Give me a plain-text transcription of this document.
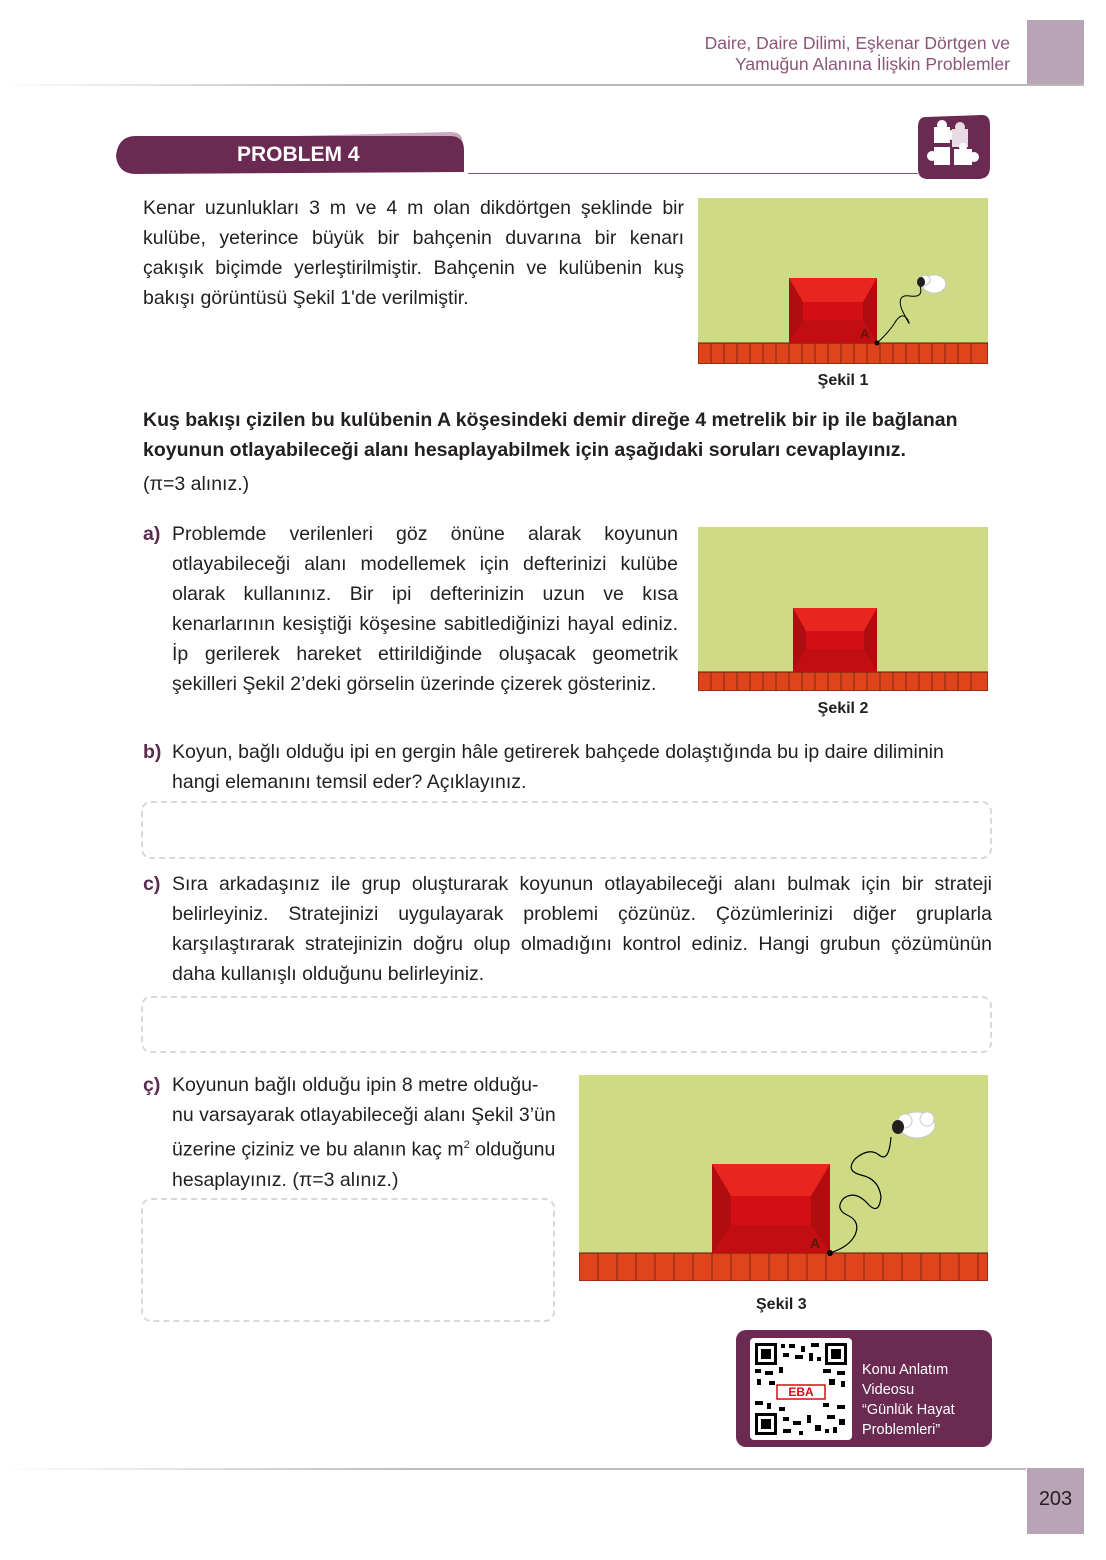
Daire, Daire Dilimi, Eşkenar Dörtgen ve
Yamuğun Alanına İlişkin Problemler
PROBLEM 4
Kenar uzunlukları 3 m ve 4 m olan dikdörtgen şeklinde bir kulübe, yeterince büyük bir bahçenin duvarına bir kenarı çakışık biçimde yerleştirilmiştir. Bahçenin ve kulübenin kuş bakışı görüntüsü Şekil 1'de verilmiştir.
A
Şekil 1
Kuş bakışı çizilen bu kulübenin A köşesindeki demir direğe 4 metrelik bir ip ile bağlanan koyunun otlayabileceği alanı hesaplayabilmek için aşağıdaki soruları cevaplayınız.
(π=3 alınız.)
a) Problemde verilenleri göz önüne alarak koyunun otlayabileceği alanı modellemek için defterinizi kulübe olarak kullanınız. Bir ipi defterinizin uzun ve kısa kenarlarının kesiştiği köşesine sabitlediğinizi hayal ediniz. İp gerilerek hareket ettirildiğinde oluşacak geometrik şekilleri Şekil 2’deki görselin üzerinde çizerek gösteriniz.
Şekil 2
b) Koyun, bağlı olduğu ipi en gergin hâle getirerek bahçede dolaştığında bu ip daire diliminin hangi elemanını temsil eder? Açıklayınız.
c) Sıra arkadaşınız ile grup oluşturarak koyunun otlayabileceği alanı bulmak için bir strateji belirleyiniz. Stratejinizi uygulayarak problemi çözünüz. Çözümlerinizi diğer gruplarla karşılaştırarak stratejinizin doğru olup olmadığını kontrol ediniz. Hangi grubun çözümünün daha kullanışlı olduğunu belirleyiniz.
ç) Koyunun bağlı olduğu ipin 8 metre olduğu-
nu varsayarak otlayabileceği alanı Şekil 3’ün
üzerine çiziniz ve bu alanın kaç $m^2$ olduğunu
hesaplayınız. (π=3 alınız.)
A
Şekil 3
EBA
Konu Anlatım Videosu
“Günlük Hayat
Problemleri”
203
